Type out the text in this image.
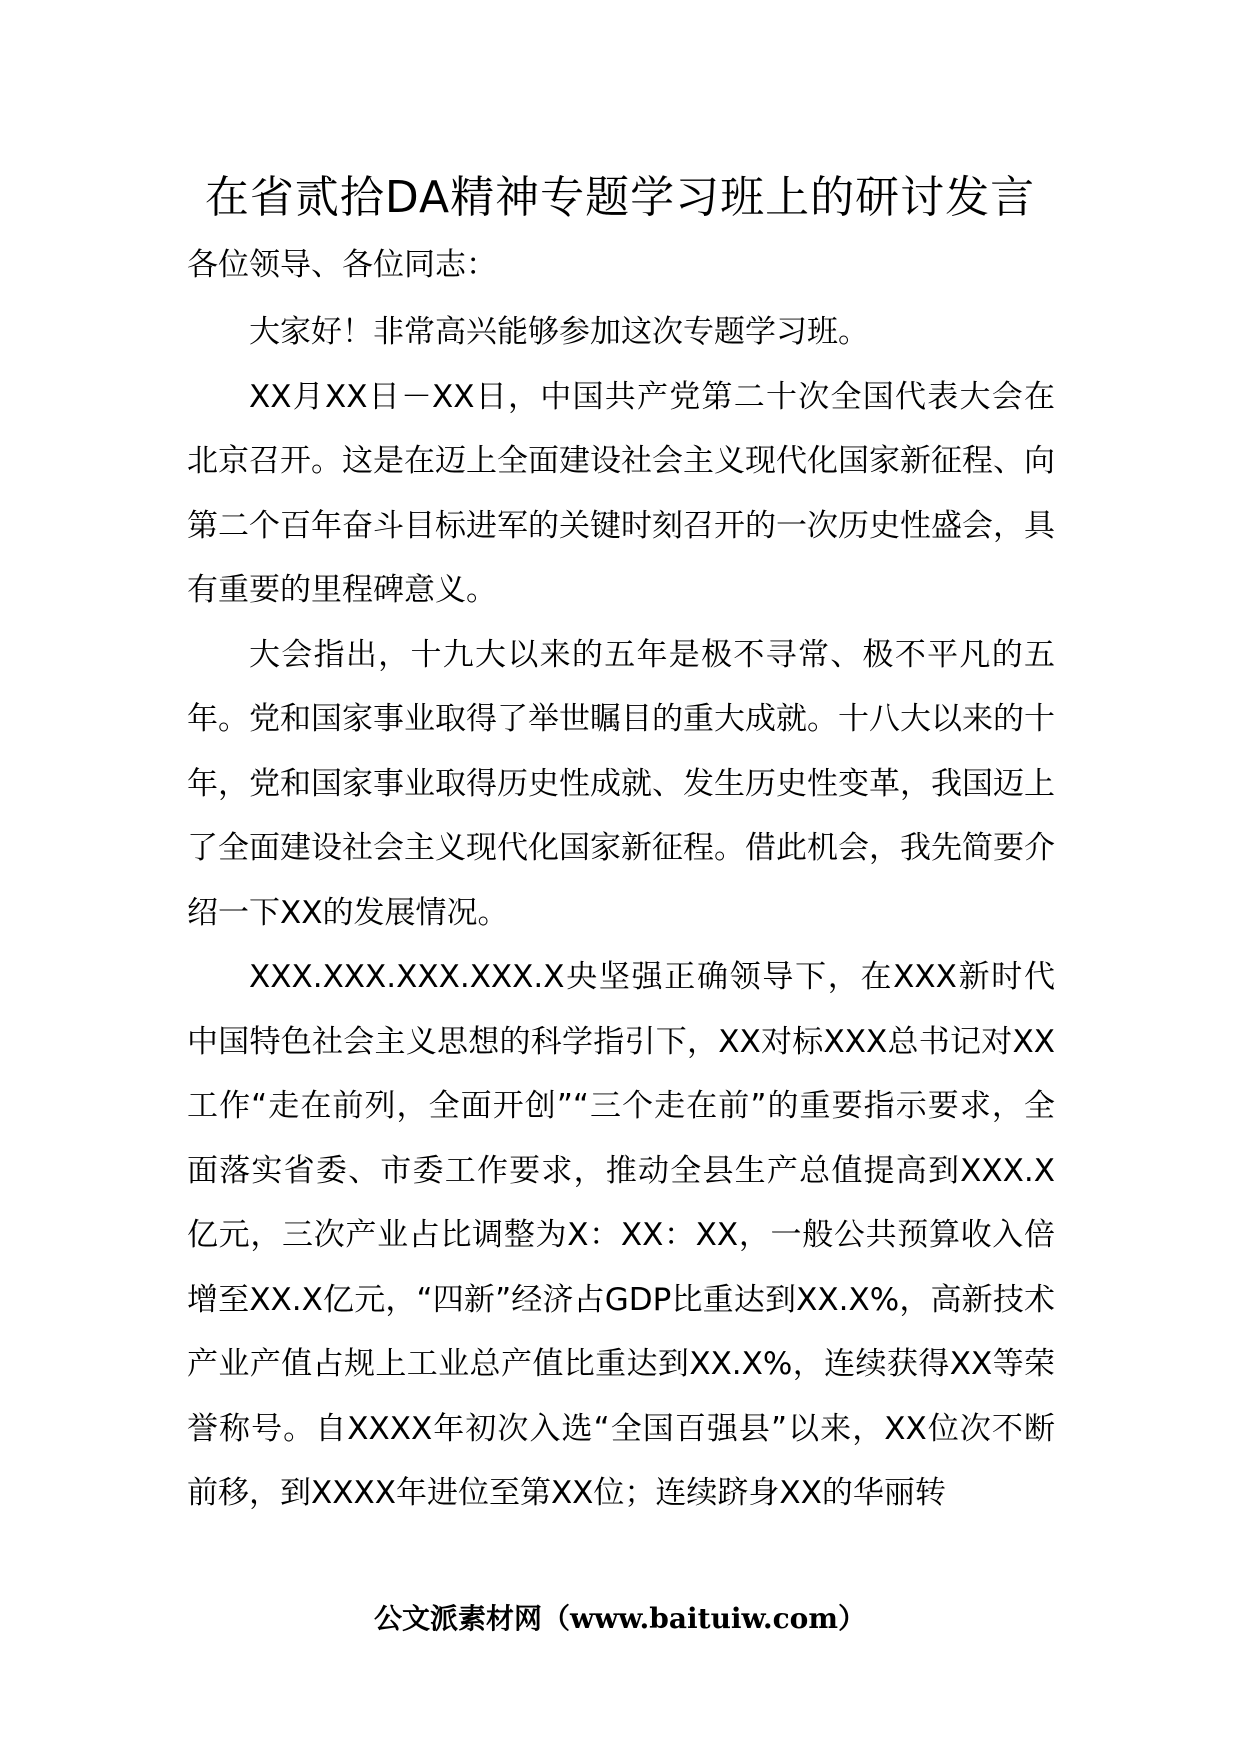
在省贰拾DA精神专题学习班上的研讨发言

各位领导、各位同志：

大家好！非常高兴能够参加这次专题学习班。

XX月XX日－XX日，中国共产党第二十次全国代表大会在北京召开。这是在迈上全面建设社会主义现代化国家新征程、向第二个百年奋斗目标进军的关键时刻召开的一次历史性盛会，具有重要的里程碑意义。

大会指出，十九大以来的五年是极不寻常、极不平凡的五年。党和国家事业取得了举世瞩目的重大成就。十八大以来的十年，党和国家事业取得历史性成就、发生历史性变革，我国迈上了全面建设社会主义现代化国家新征程。借此机会，我先简要介绍一下XX的发展情况。

XXX.XXX.XXX.XXX.X央坚强正确领导下，在XXX新时代中国特色社会主义思想的科学指引下，XX对标XXX总书记对XX工作“走在前列，全面开创”“三个走在前”的重要指示要求，全面落实省委、市委工作要求，推动全县生产总值提高到XXX.X亿元，三次产业占比调整为X：XX：XX，一般公共预算收入倍增至XX.X亿元，“四新”经济占GDP比重达到XX.X%，高新技术产业产值占规上工业总产值比重达到XX.X%，连续获得XX等荣誉称号。自XXXX年初次入选“全国百强县”以来，XX位次不断前移，到XXXX年进位至第XX位；连续跻身XX的华丽转

公文派素材网（www.baituiw.com）
